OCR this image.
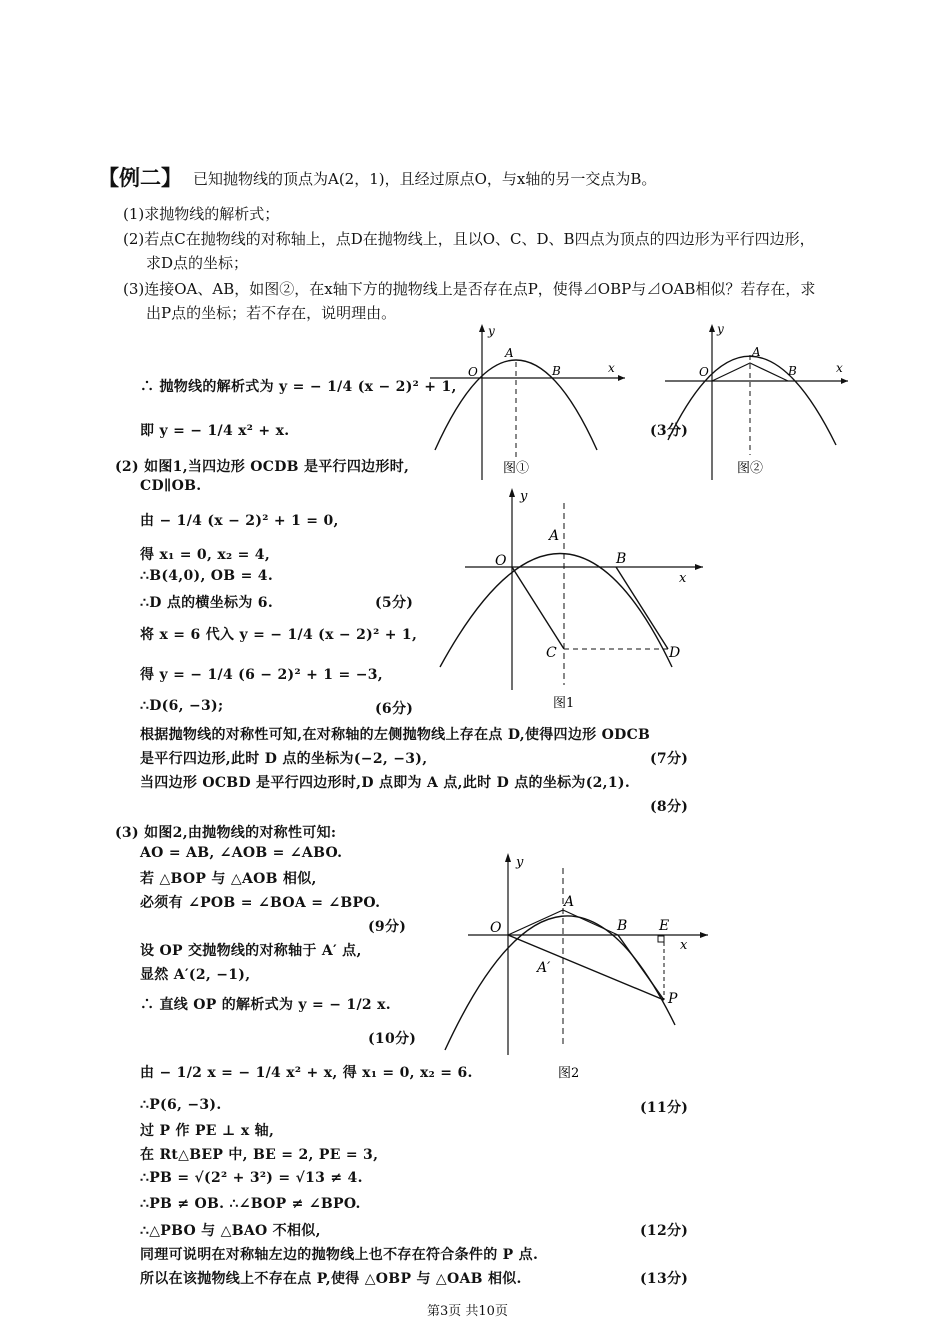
【例二】 已知抛物线的顶点为A(2，1)，且经过原点O，与x轴的另一交点为B。
(1)求抛物线的解析式；
(2)若点C在抛物线的对称轴上，点D在抛物线上，且以O、C、D、B四点为顶点的四边形为平行四边形，
求D点的坐标；
(3)连接OA、AB，如图②，在x轴下方的抛物线上是否存在点P，使得⊿OBP与⊿OAB相似？若存在，求
出P点的坐标；若不存在，说明理由。
y
x
O
A
B
图①
y
x
O
A
B
图②
y
x
O
A
B
C	D
图1
y
x
O
A
B E
A′
P
图2
∴ 抛物线的解析式为 y = − 1/4 (x − 2)² + 1,
即 y = − 1/4 x² + x.	(3分)
(2) 如图1,当四边形 OCDB 是平行四边形时,
CD∥OB.
由 − 1/4 (x − 2)² + 1 = 0,
得 x₁ = 0, x₂ = 4,
∴B(4,0), OB = 4.
∴D 点的横坐标为 6.	(5分)
将 x = 6 代入 y = − 1/4 (x − 2)² + 1,
得 y = − 1/4 (6 − 2)² + 1 = −3,
∴D(6, −3);	(6分)
根据抛物线的对称性可知,在对称轴的左侧抛物线上存在点 D,使得四边形 ODCB
是平行四边形,此时 D 点的坐标为(−2, −3),	(7分)
当四边形 OCBD 是平行四边形时,D 点即为 A 点,此时 D 点的坐标为(2,1).
(8分)
(3) 如图2,由抛物线的对称性可知:
AO = AB, ∠AOB = ∠ABO.
若 △BOP 与 △AOB 相似,
必须有 ∠POB = ∠BOA = ∠BPO.
(9分)
设 OP 交抛物线的对称轴于 A′ 点,
显然 A′(2, −1),
∴ 直线 OP 的解析式为 y = − 1/2 x.
(10分)
由 − 1/2 x = − 1/4 x² + x, 得 x₁ = 0, x₂ = 6.
∴P(6, −3).	(11分)
过 P 作 PE ⊥ x 轴,
在 Rt△BEP 中, BE = 2, PE = 3,
∴PB = √(2² + 3²) = √13 ≠ 4.
∴PB ≠ OB. ∴∠BOP ≠ ∠BPO.
∴△PBO 与 △BAO 不相似,	(12分)
同理可说明在对称轴左边的抛物线上也不存在符合条件的 P 点.
所以在该抛物线上不存在点 P,使得 △OBP 与 △OAB 相似.	(13分)
第3页 共10页
